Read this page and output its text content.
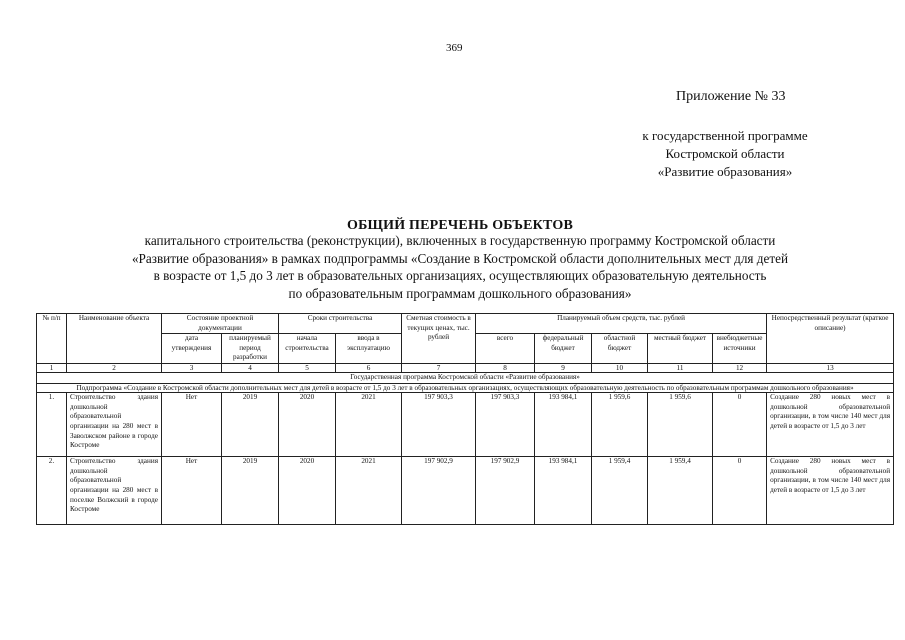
369
Приложение № 33
к государственной программе
Костромской области
«Развитие образования»
ОБЩИЙ ПЕРЕЧЕНЬ ОБЪЕКТОВ
капитального строительства (реконструкции), включенных в государственную программу Костромской области
«Развитие образования» в рамках подпрограммы «Создание в Костромской области дополнительных мест для детей
в возрасте от 1,5 до 3 лет в образовательных организациях, осуществляющих образовательную деятельность
по образовательным программам дошкольного образования»
№ п/п	Наименование объекта	Состояние проектной документации		Сроки строительства		Сметная стоимость в текущих ценах, тыс. рублей	Планируемый объем средств, тыс. рублей					Непосредственный результат (краткое описание)
		дата утверждения	планируемый период разработки	начала строительства	ввода в эксплуатацию		всего	федеральный бюджет	областной бюджет	местный бюджет	внебюджетные источники	
1	2	3	4	5	6	7	8	9	10	11	12	13
Государственная программа Костромской области «Развитие образования»												
Подпрограмма «Создание в Костромской области дополнительных мест для детей в возрасте от 1,5 до 3 лет в образовательных организациях, осуществляющих образовательную деятельность по образовательным программам дошкольного образования»												
1.	Строительство здания дошкольной образовательной организации на 280 мест в Заволжском районе в городе Костроме	Нет	2019	2020	2021	197 903,3	197 903,3	193 984,1	1 959,6	1 959,6	0	Создание 280 новых мест в дошкольной образовательной организации, в том числе 140 мест для детей в возрасте от 1,5 до 3 лет
2.	Строительство здания дошкольной образовательной организации на 280 мест в поселке Волжский в городе Костроме	Нет	2019	2020	2021	197 902,9	197 902,9	193 984,1	1 959,4	1 959,4	0	Создание 280 новых мест в дошкольной образовательной организации, в том числе 140 мест для детей в возрасте от 1,5 до 3 лет
